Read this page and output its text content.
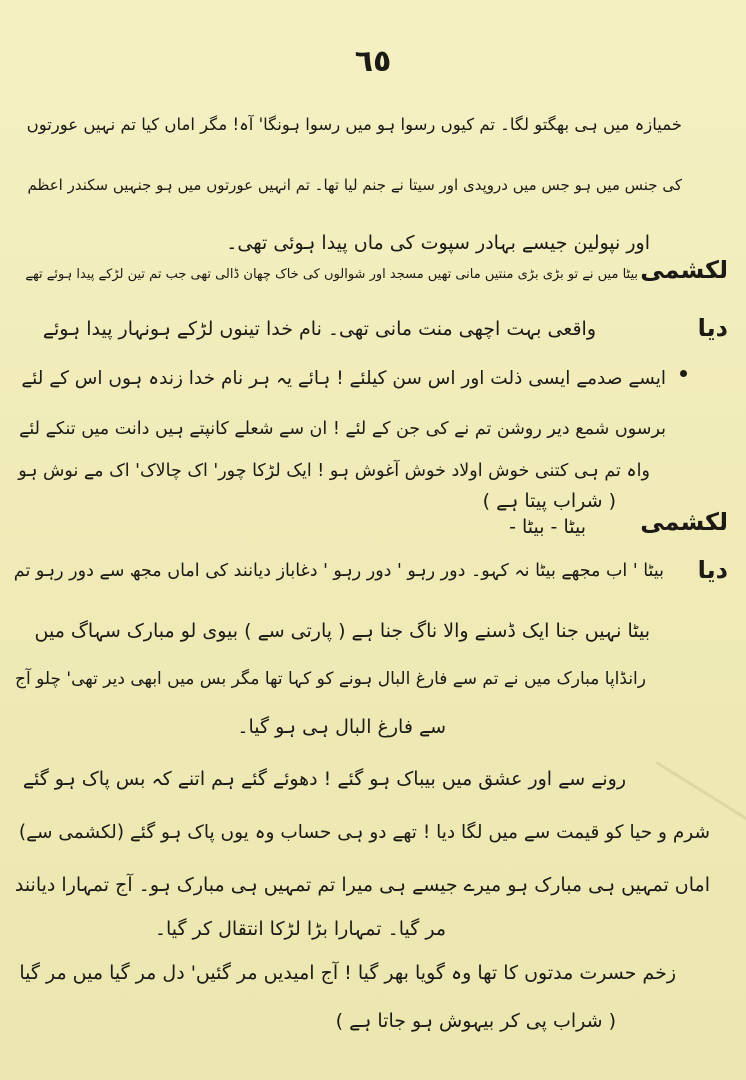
٦٥
خمیازہ میں ہی بھگتو لگا۔ تم کیوں رسوا ہو میں رسوا ہونگا' آہ! مگر اماں کیا تم نہیں عورتوں
کی جنس میں ہو جس میں دروپدی اور سیتا نے جنم لیا تھا۔ تم انہیں عورتوں میں ہو جنہیں سکندر اعظم
اور نپولین جیسے بہادر سپوت کی ماں پیدا ہوئی تھی۔
لکشمی
بیٹا میں نے تو بڑی بڑی منتیں مانی تھیں مسجد اور شوالوں کی خاک چھان ڈالی تھی جب تم تین لڑکے پیدا ہوئے تھے
دیا
واقعی بہت اچھی منت مانی تھی۔ نام خدا تینوں لڑکے ہونہار پیدا ہوئے
ایسے صدمے ایسی ذلت اور اس سن کیلئے ! ہائے یہ ہر نام خدا زندہ ہوں اس کے لئے
برسوں شمع دیر روشن تم نے کی جن کے لئے ! ان سے شعلے کانپتے ہیں دانت میں تنکے لئے
واہ تم ہی کتنی خوش اولاد خوش آغوش ہو ! ایک لڑکا چور' اک چالاک' اک مے نوش ہو
( شراب پیتا ہے )
لکشمی
بیٹا - بیٹا -
دیا
بیٹا ' اب مجھے بیٹا نہ کہو۔ دور رہو ' دور رہو ' دغاباز دیانند کی اماں مجھ سے دور رہو تم
بیٹا نہیں جنا ایک ڈسنے والا ناگ جنا ہے ( پارتی سے ) بیوی لو مبارک سہاگ میں
رانڈاپا مبارک میں نے تم سے فارغ البال ہونے کو کہا تھا مگر بس میں ابھی دیر تھی' چلو آج
سے فارغ البال ہی ہو گیا۔
رونے سے اور عشق میں بیباک ہو گئے ! دھوئے گئے ہم اتنے کہ بس پاک ہو گئے
شرم و حیا کو قیمت سے میں لگا دیا ! تھے دو ہی حساب وہ یوں پاک ہو گئے (لکشمی سے)
اماں تمہیں ہی مبارک ہو میرے جیسے ہی میرا تم تمہیں ہی مبارک ہو۔ آج تمہارا دیانند
مر گیا۔ تمہارا بڑا لڑکا انتقال کر گیا۔
زخم حسرت مدتوں کا تھا وہ گویا بھر گیا ! آج امیدیں مر گئیں' دل مر گیا میں مر گیا
( شراب پی کر بیہوش ہو جاتا ہے )
